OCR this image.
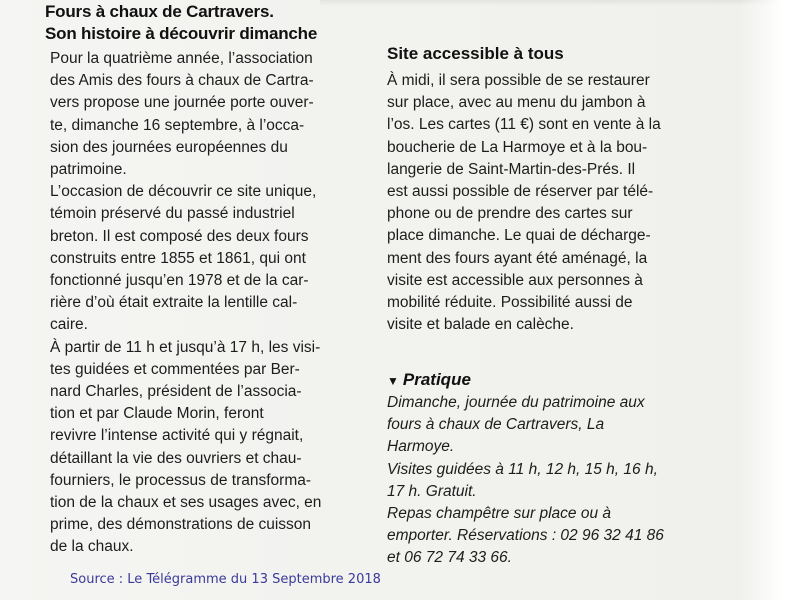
Fours à chaux de Cartravers.
Son histoire à découvrir dimanche
Pour la quatrième année, l’association
des Amis des fours à chaux de Cartra-
vers propose une journée porte ouver-
te, dimanche 16 septembre, à l’occa-
sion des journées européennes du
patrimoine.
L’occasion de découvrir ce site unique,
témoin préservé du passé industriel
breton. Il est composé des deux fours
construits entre 1855 et 1861, qui ont
fonctionné jusqu’en 1978 et de la car-
rière d’où était extraite la lentille cal-
caire.
À partir de 11 h et jusqu’à 17 h, les visi-
tes guidées et commentées par Ber-
nard Charles, président de l’associa-
tion et par Claude Morin, feront
revivre l’intense activité qui y régnait,
détaillant la vie des ouvriers et chau-
fourniers, le processus de transforma-
tion de la chaux et ses usages avec, en
prime, des démonstrations de cuisson
de la chaux.
Site accessible à tous
À midi, il sera possible de se restaurer
sur place, avec au menu du jambon à
l’os. Les cartes (11 €) sont en vente à la
boucherie de La Harmoye et à la bou-
langerie de Saint-Martin-des-Prés. Il
est aussi possible de réserver par télé-
phone ou de prendre des cartes sur
place dimanche. Le quai de décharge-
ment des fours ayant été aménagé, la
visite est accessible aux personnes à
mobilité réduite. Possibilité aussi de
visite et balade en calèche.
▼ Pratique
Dimanche, journée du patrimoine aux
fours à chaux de Cartravers, La
Harmoye.
Visites guidées à 11 h, 12 h, 15 h, 16 h,
17 h. Gratuit.
Repas champêtre sur place ou à
emporter. Réservations : 02 96 32 41 86
et 06 72 74 33 66.
Source : Le Télégramme du 13 Septembre 2018
